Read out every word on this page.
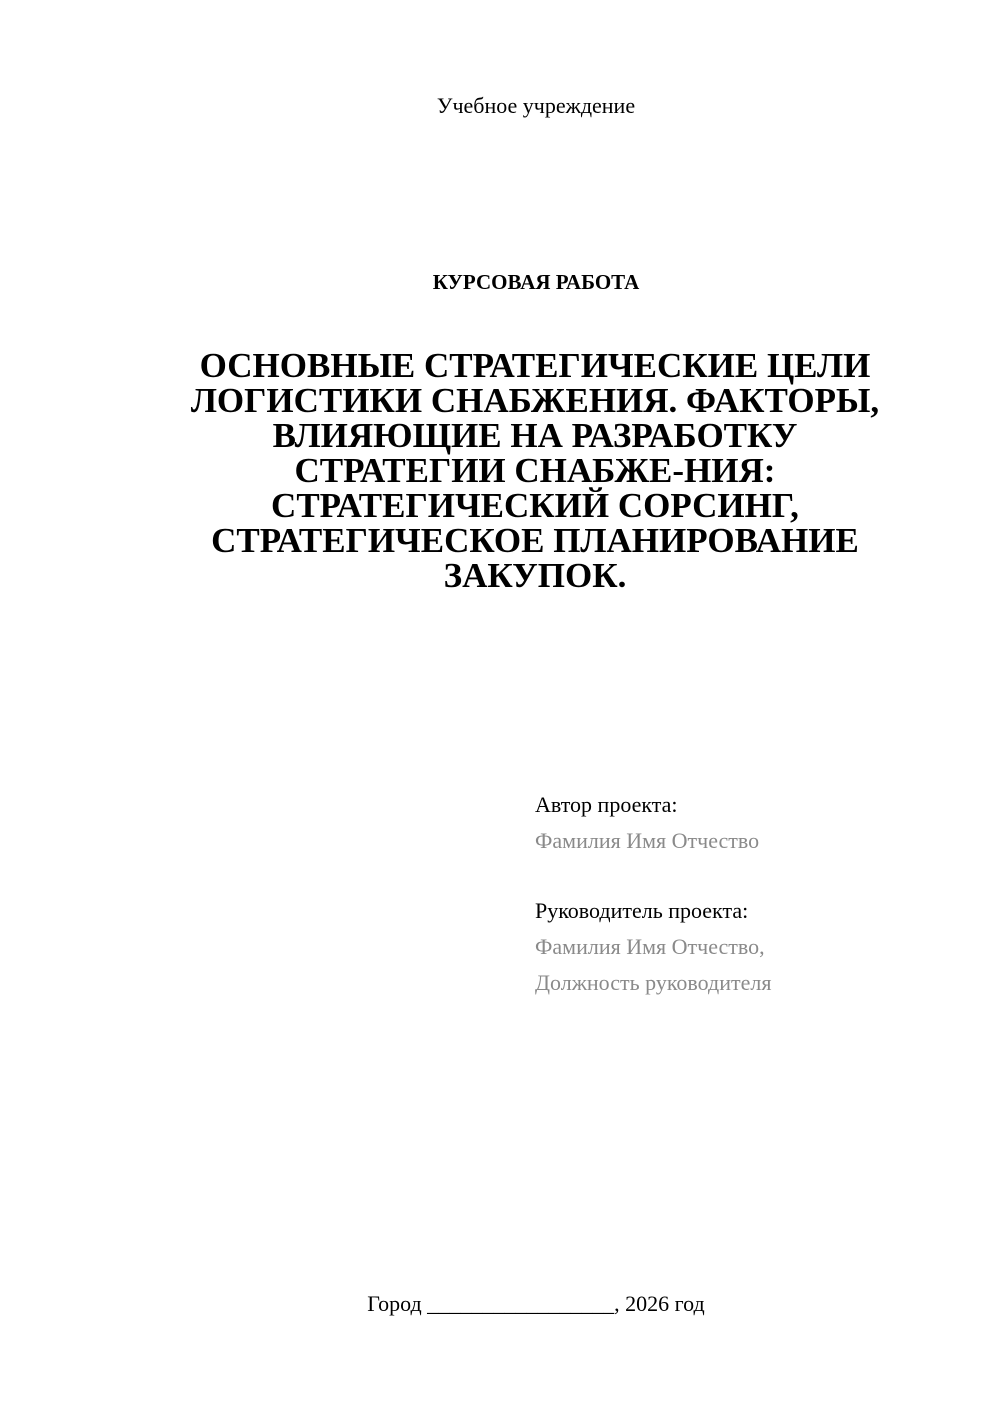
Учебное учреждение
КУРСОВАЯ РАБОТА
ОСНОВНЫЕ СТРАТЕГИЧЕСКИЕ ЦЕЛИ
ЛОГИСТИКИ СНАБЖЕНИЯ. ФАКТОРЫ,
ВЛИЯЮЩИЕ НА РАЗРАБОТКУ
СТРАТЕГИИ СНАБЖЕ-НИЯ:
СТРАТЕГИЧЕСКИЙ СОРСИНГ,
СТРАТЕГИЧЕСКОЕ ПЛАНИРОВАНИЕ
ЗАКУПОК.
Автор проекта:
Фамилия Имя Отчество
Руководитель проекта:
Фамилия Имя Отчество,
Должность руководителя
Город _________________, 2026 год
